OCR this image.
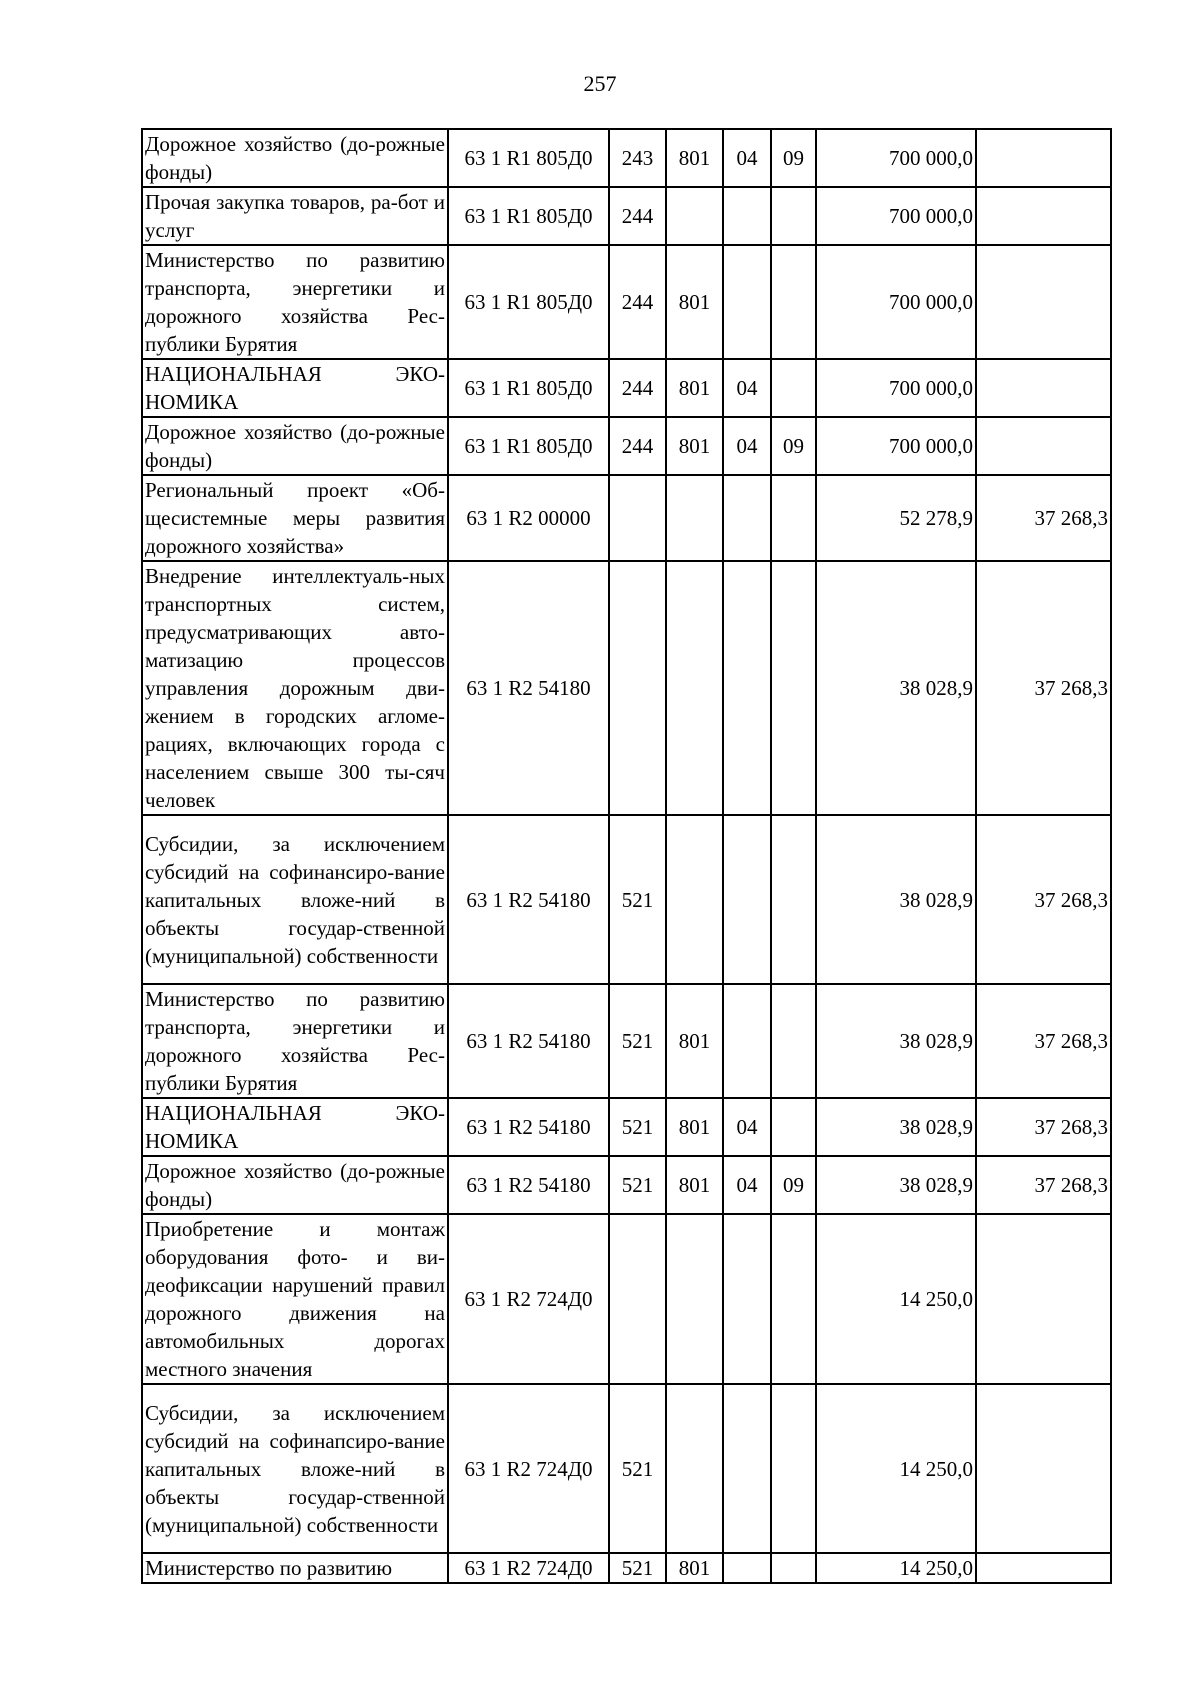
257
Дорожное хозяйство (до-рожные фонды)	63 1 R1 805Д0	243	801	04	09	700 000,0	
Прочая закупка товаров, ра-бот и услуг	63 1 R1 805Д0	244				700 000,0	
Министерство по развитию транспорта, энергетики и дорожного хозяйства Рес-публики Бурятия	63 1 R1 805Д0	244	801			700 000,0	
НАЦИОНАЛЬНАЯ ЭКО-НОМИКА	63 1 R1 805Д0	244	801	04		700 000,0	
Дорожное хозяйство (до-рожные фонды)	63 1 R1 805Д0	244	801	04	09	700 000,0	
Региональный проект «Об-щесистемные меры развития дорожного хозяйства»	63 1 R2 00000					52 278,9	37 268,3
Внедрение интеллектуаль-ных транспортных систем, предусматривающих авто-матизацию процессов управления дорожным дви-жением в городских агломе-рациях, включающих города с населением свыше 300 ты-сяч человек	63 1 R2 54180					38 028,9	37 268,3
Субсидии, за исключением субсидий на софинансиро-вание капитальных вложе-ний в объекты государ-ственной (муниципальной) собственности	63 1 R2 54180	521				38 028,9	37 268,3
Министерство по развитию транспорта, энергетики и дорожного хозяйства Рес-публики Бурятия	63 1 R2 54180	521	801			38 028,9	37 268,3
НАЦИОНАЛЬНАЯ ЭКО-НОМИКА	63 1 R2 54180	521	801	04		38 028,9	37 268,3
Дорожное хозяйство (до-рожные фонды)	63 1 R2 54180	521	801	04	09	38 028,9	37 268,3
Приобретение и монтаж оборудования фото- и ви-деофиксации нарушений правил дорожного движения на автомобильных дорогах местного значения	63 1 R2 724Д0					14 250,0	
Субсидии, за исключением субсидий на софинапсиро-вание капитальных вложе-ний в объекты государ-ственной (муниципальной) собственности	63 1 R2 724Д0	521				14 250,0	
Министерство по развитию	63 1 R2 724Д0	521	801			14 250,0	
